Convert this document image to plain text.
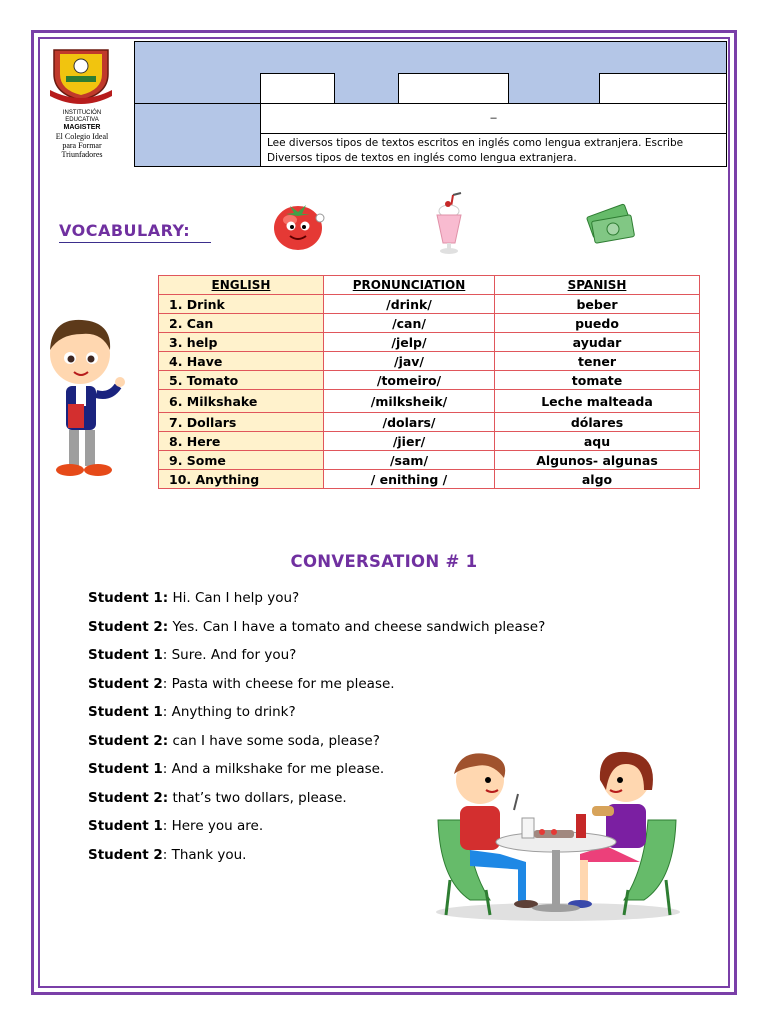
INSTITUCIÓN EDUCATIVA
MAGISTER
El Colegio Ideal
para Formar
Triunfadores
–
Lee diversos tipos de textos escritos en inglés como lengua extranjera. Escribe Diversos tipos de textos en inglés como lengua extranjera.
VOCABULARY:
ENGLISH	PRONUNCIATION	SPANISH
1. Drink	/drink/	beber
2. Can	/can/	puedo
3. help	/jelp/	ayudar
4. Have	/jav/	tener
5. Tomato	/tomeiro/	tomate
6. Milkshake	/milksheik/	Leche malteada
7. Dollars	/dolars/	dólares
8. Here	/jier/	aqu
9. Some	/sam/	Algunos- algunas
10. Anything	/ enithing /	algo
CONVERSATION # 1
Student 1: Hi. Can I help you?
Student 2: Yes. Can I have a tomato and cheese sandwich please?
Student 1: Sure. And for you?
Student 2: Pasta with cheese for me please.
Student 1: Anything to drink?
Student 2: can I have some soda, please?
Student 1: And a milkshake for me please.
Student 2: that’s two dollars, please.
Student 1: Here you are.
Student 2: Thank you.
